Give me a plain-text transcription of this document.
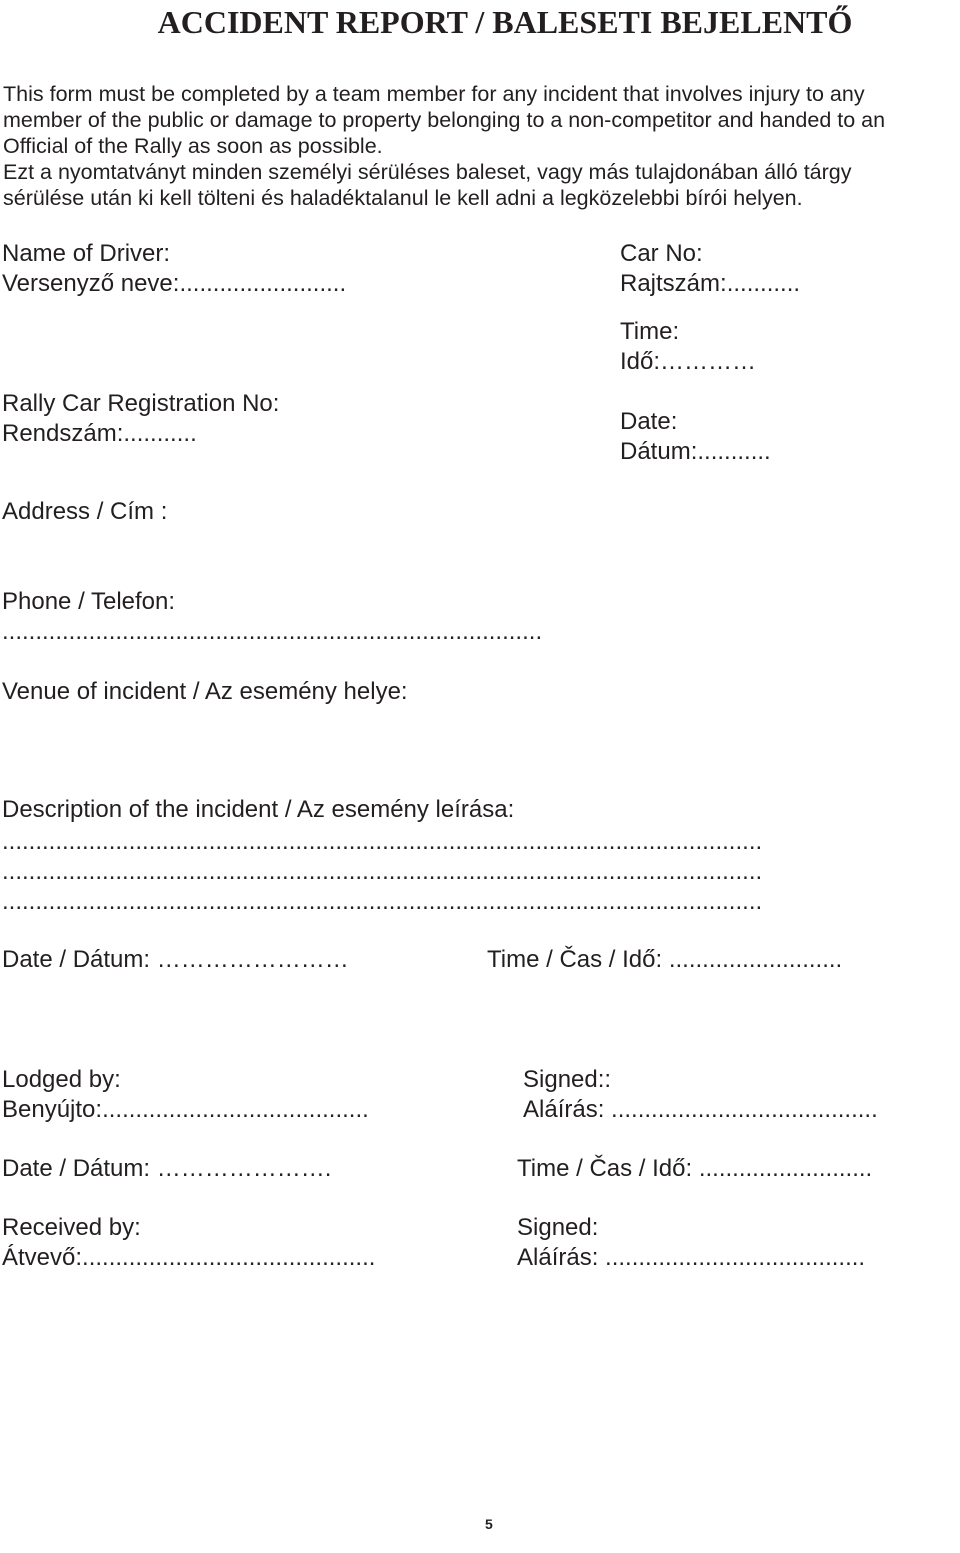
ACCIDENT REPORT / BALESETI BEJELENTŐ
This form must be completed by a team member for any incident that involves injury to any
member of the public or damage to property belonging to a non-competitor and handed to an
Official of the Rally as soon as possible.
Ezt a nyomtatványt minden személyi sérüléses baleset, vagy más tulajdonában álló tárgy
sérülése után ki kell tölteni és haladéktalanul le kell adni a legközelebbi bírói helyen.
Name of Driver:
Versenyző neve:.........................
Car No:
Rajtszám:...........
Time:
Idő:…………
Rally Car Registration No:
Rendszám:...........	Date:
Dátum:...........
Address / Cím :
Phone / Telefon:
.................................................................................
Venue of incident / Az esemény helye:
Description of the incident / Az esemény leírása:
..................................................................................................................
..................................................................................................................
..................................................................................................................
Date / Dátum: ……………………	Time / Čas / Idő: ..........................
Lodged by:
Benyújto:........................................
Signed::
Aláírás: ........................................
Date / Dátum: ………………….	Time / Čas / Idő: ..........................
Received by:
Átvevő:............................................
Signed:
Aláírás: .......................................
5
